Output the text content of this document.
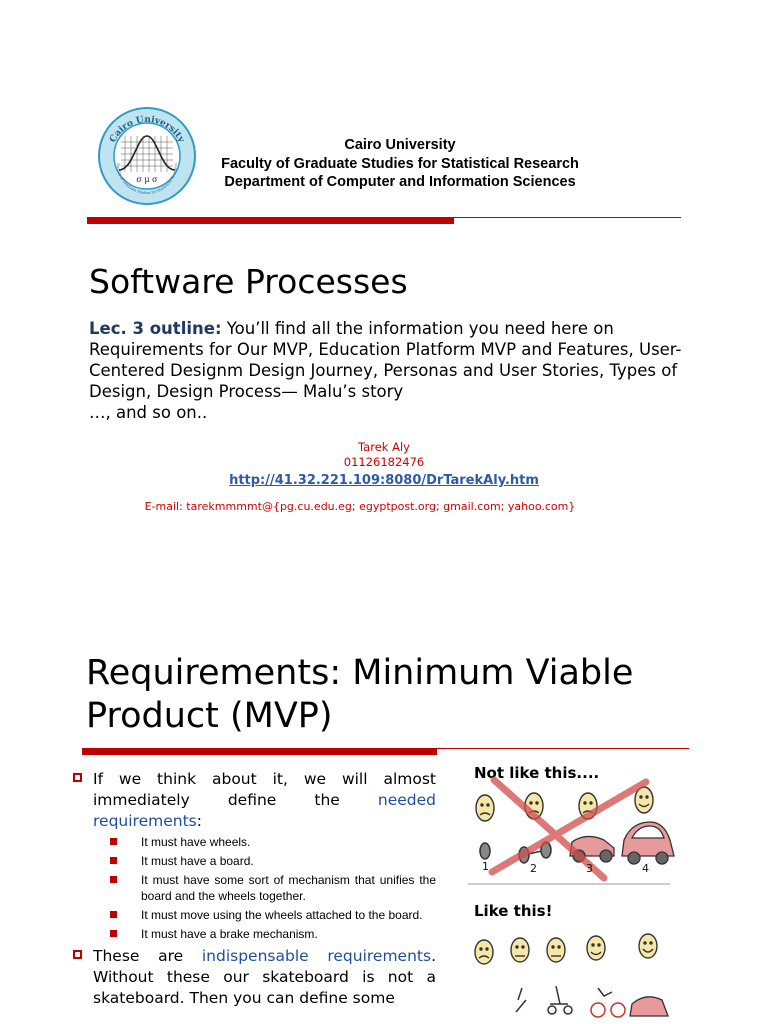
Cairo University
Faculty of Graduate Studies for Statistical Research
σ μ σ
Cairo University
Faculty of Graduate Studies for Statistical Research
Department of Computer and Information Sciences
Software Processes
Lec. 3 outline: You’ll find all the information you need here on Requirements for Our MVP, Education Platform MVP and Features, User-Centered Designm Design Journey, Personas and User Stories, Types of Design, Design Process— Malu’s story
…, and so on..
Tarek Aly
01126182476
http://41.32.221.109:8080/DrTarekAly.htm
E-mail: tarekmmmmt@{pg.cu.edu.eg; egyptpost.org; gmail.com; yahoo.com}
Requirements: Minimum Viable
Product (MVP)
If we think about it, we will almost immediately define the needed requirements:
It must have wheels.
It must have a board.
It must have some sort of mechanism that unifies the board and the wheels together.
It must move using the wheels attached to the board.
It must have a brake mechanism.
These are indispensable requirements. Without these our skateboard is not a skateboard. Then you can define some
Not like this....
1	2	3	4
Like this!
